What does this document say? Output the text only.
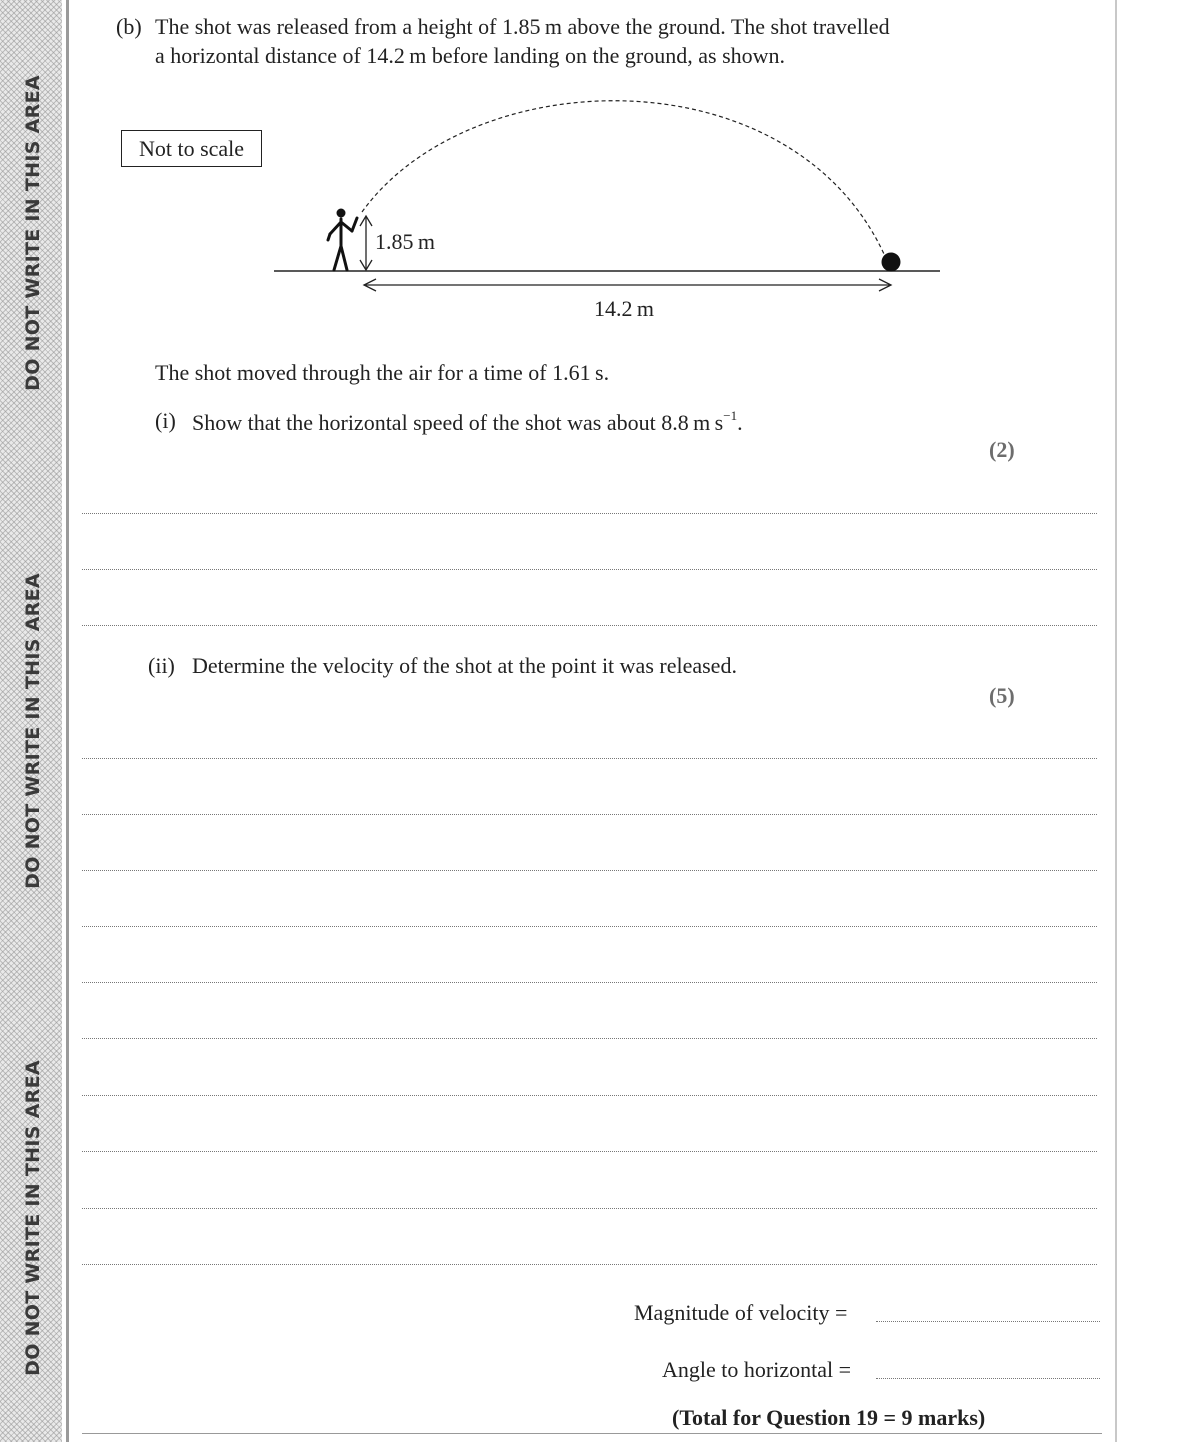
DO NOT WRITE IN THIS AREA
DO NOT WRITE IN THIS AREA
DO NOT WRITE IN THIS AREA
(b) The shot was released from a height of 1.85 m above the ground. The shot travelled
a horizontal distance of 14.2 m before landing on the ground, as shown.
Not to scale
1.85 m
14.2 m
The shot moved through the air for a time of 1.61 s.
(i) Show that the horizontal speed of the shot was about 8.8 m $s^{-1}$.
(2)
(ii) Determine the velocity of the shot at the point it was released.
(5)
Magnitude of velocity =
Angle to horizontal =
(Total for Question 19 = 9 marks)
